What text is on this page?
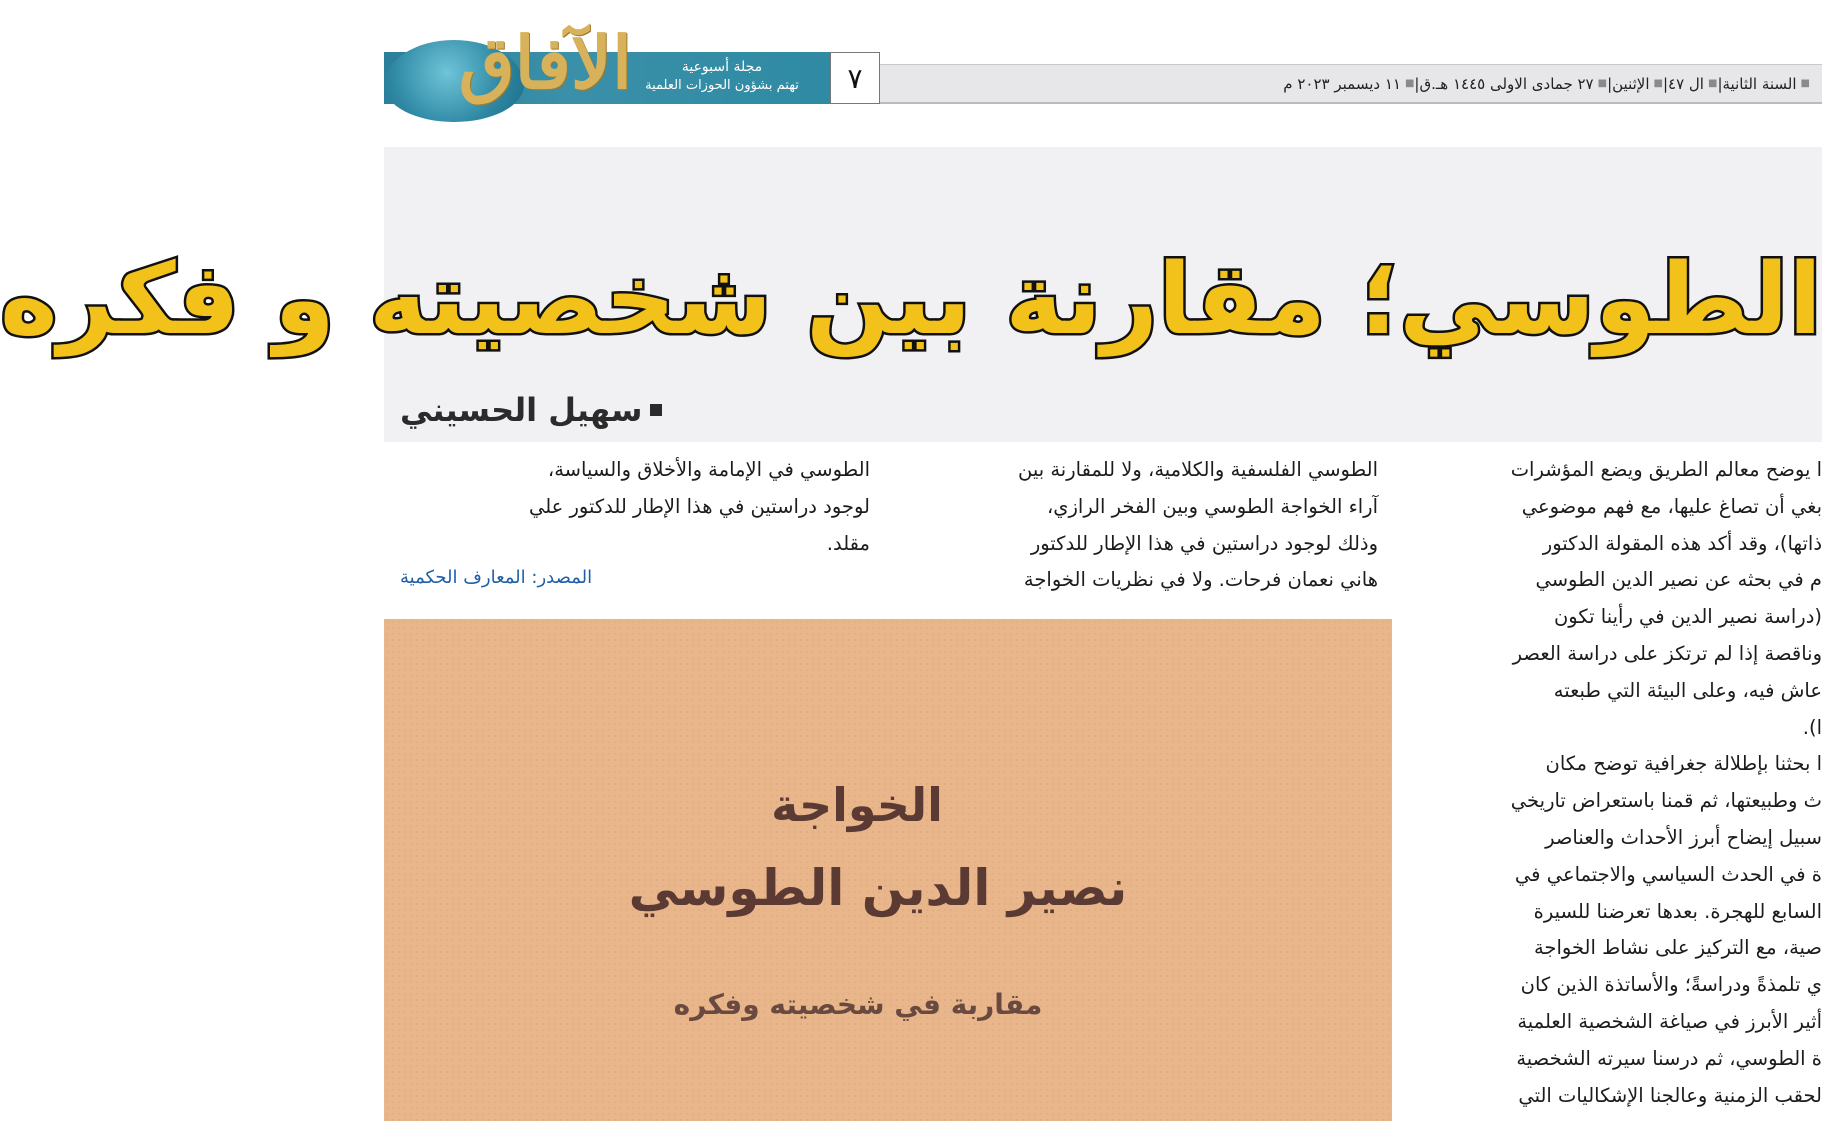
■
السنة الثانية
|
■
ال ٤٧
|
■
الإثنين
|
■
٢٧ جمادى الاولى ١٤٤٥ هـ.ق
|
■
١١ ديسمبر ٢٠٢٣ م
٧
الآفاق	مجلة أسبوعية
تهتم بشؤون الحوزات العلمية
الطوسي؛ مقارنة بين شخصيته و فكره
سهيل الحسيني
ا يوضح معالم الطريق ويضع المؤشرات
بغي أن تصاغ عليها، مع فهم موضوعي
ذاتها)، وقد أكد هذه المقولة الدكتور
م في بحثه عن نصير الدين الطوسي
(دراسة نصير الدين في رأينا تكون
وناقصة إذا لم ترتكز على دراسة العصر
عاش فيه، وعلى البيئة التي طبعته
ا).
ا بحثنا بإطلالة جغرافية توضح مكان
ث وطبيعتها، ثم قمنا باستعراض تاريخي
سبيل إيضاح أبرز الأحداث والعناصر
ة في الحدث السياسي والاجتماعي في
السابع للهجرة. بعدها تعرضنا للسيرة
صية، مع التركيز على نشاط الخواجة
ي تلمذةً ودراسةً؛ والأساتذة الذين كان
أثير الأبرز في صياغة الشخصية العلمية
ة الطوسي، ثم درسنا سيرته الشخصية
لحقب الزمنية وعالجنا الإشكاليات التي
الطوسي الفلسفية والكلامية، ولا للمقارنة بين
آراء الخواجة الطوسي وبين الفخر الرازي،
وذلك لوجود دراستين في هذا الإطار للدكتور
هاني نعمان فرحات. ولا في نظريات الخواجة
الطوسي في الإمامة والأخلاق والسياسة،
لوجود دراستين في هذا الإطار للدكتور علي
مقلد.
المصدر: المعارف الحكمية
الخواجة
نصير الدين الطوسي
مقاربة في شخصيته وفكره
